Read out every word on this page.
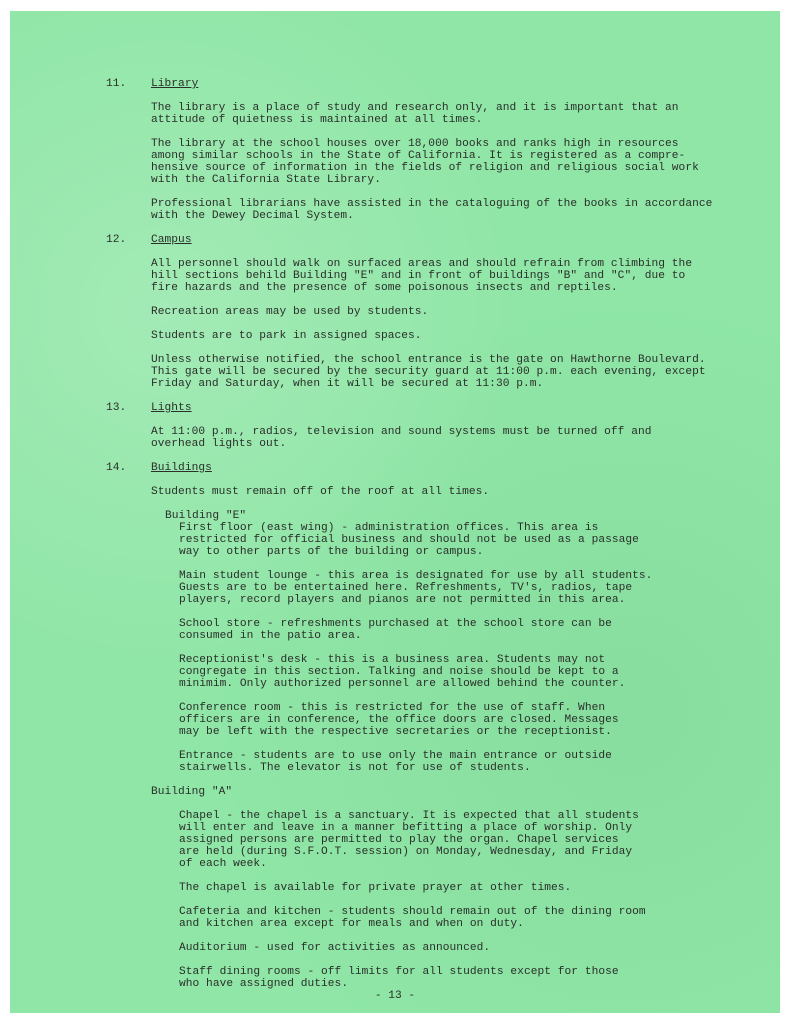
11.	Library
The library is a place of study and research only, and it is important that an
attitude of quietness is maintained at all times.
The library at the school houses over 18,000 books and ranks high in resources
among similar schools in the State of California. It is registered as a compre-
hensive source of information in the fields of religion and religious social work
with the California State Library.
Professional librarians have assisted in the cataloguing of the books in accordance
with the Dewey Decimal System.
12.	Campus
All personnel should walk on surfaced areas and should refrain from climbing the
hill sections behild Building "E" and in front of buildings "B" and "C", due to
fire hazards and the presence of some poisonous insects and reptiles.
Recreation areas may be used by students.
Students are to park in assigned spaces.
Unless otherwise notified, the school entrance is the gate on Hawthorne Boulevard.
This gate will be secured by the security guard at 11:00 p.m. each evening, except
Friday and Saturday, when it will be secured at 11:30 p.m.
13.	Lights
At 11:00 p.m., radios, television and sound systems must be turned off and
overhead lights out.
14.	Buildings
Students must remain off of the roof at all times.
Building "E"
First floor (east wing) - administration offices. This area is
restricted for official business and should not be used as a passage
way to other parts of the building or campus.
Main student lounge - this area is designated for use by all students.
Guests are to be entertained here. Refreshments, TV's, radios, tape
players, record players and pianos are not permitted in this area.
School store - refreshments purchased at the school store can be
consumed in the patio area.
Receptionist's desk - this is a business area. Students may not
congregate in this section. Talking and noise should be kept to a
minimim. Only authorized personnel are allowed behind the counter.
Conference room - this is restricted for the use of staff. When
officers are in conference, the office doors are closed. Messages
may be left with the respective secretaries or the receptionist.
Entrance - students are to use only the main entrance or outside
stairwells. The elevator is not for use of students.
Building "A"
Chapel - the chapel is a sanctuary. It is expected that all students
will enter and leave in a manner befitting a place of worship. Only
assigned persons are permitted to play the organ. Chapel services
are held (during S.F.O.T. session) on Monday, Wednesday, and Friday
of each week.
The chapel is available for private prayer at other times.
Cafeteria and kitchen - students should remain out of the dining room
and kitchen area except for meals and when on duty.
Auditorium - used for activities as announced.
Staff dining rooms - off limits for all students except for those
who have assigned duties.
- 13 -
